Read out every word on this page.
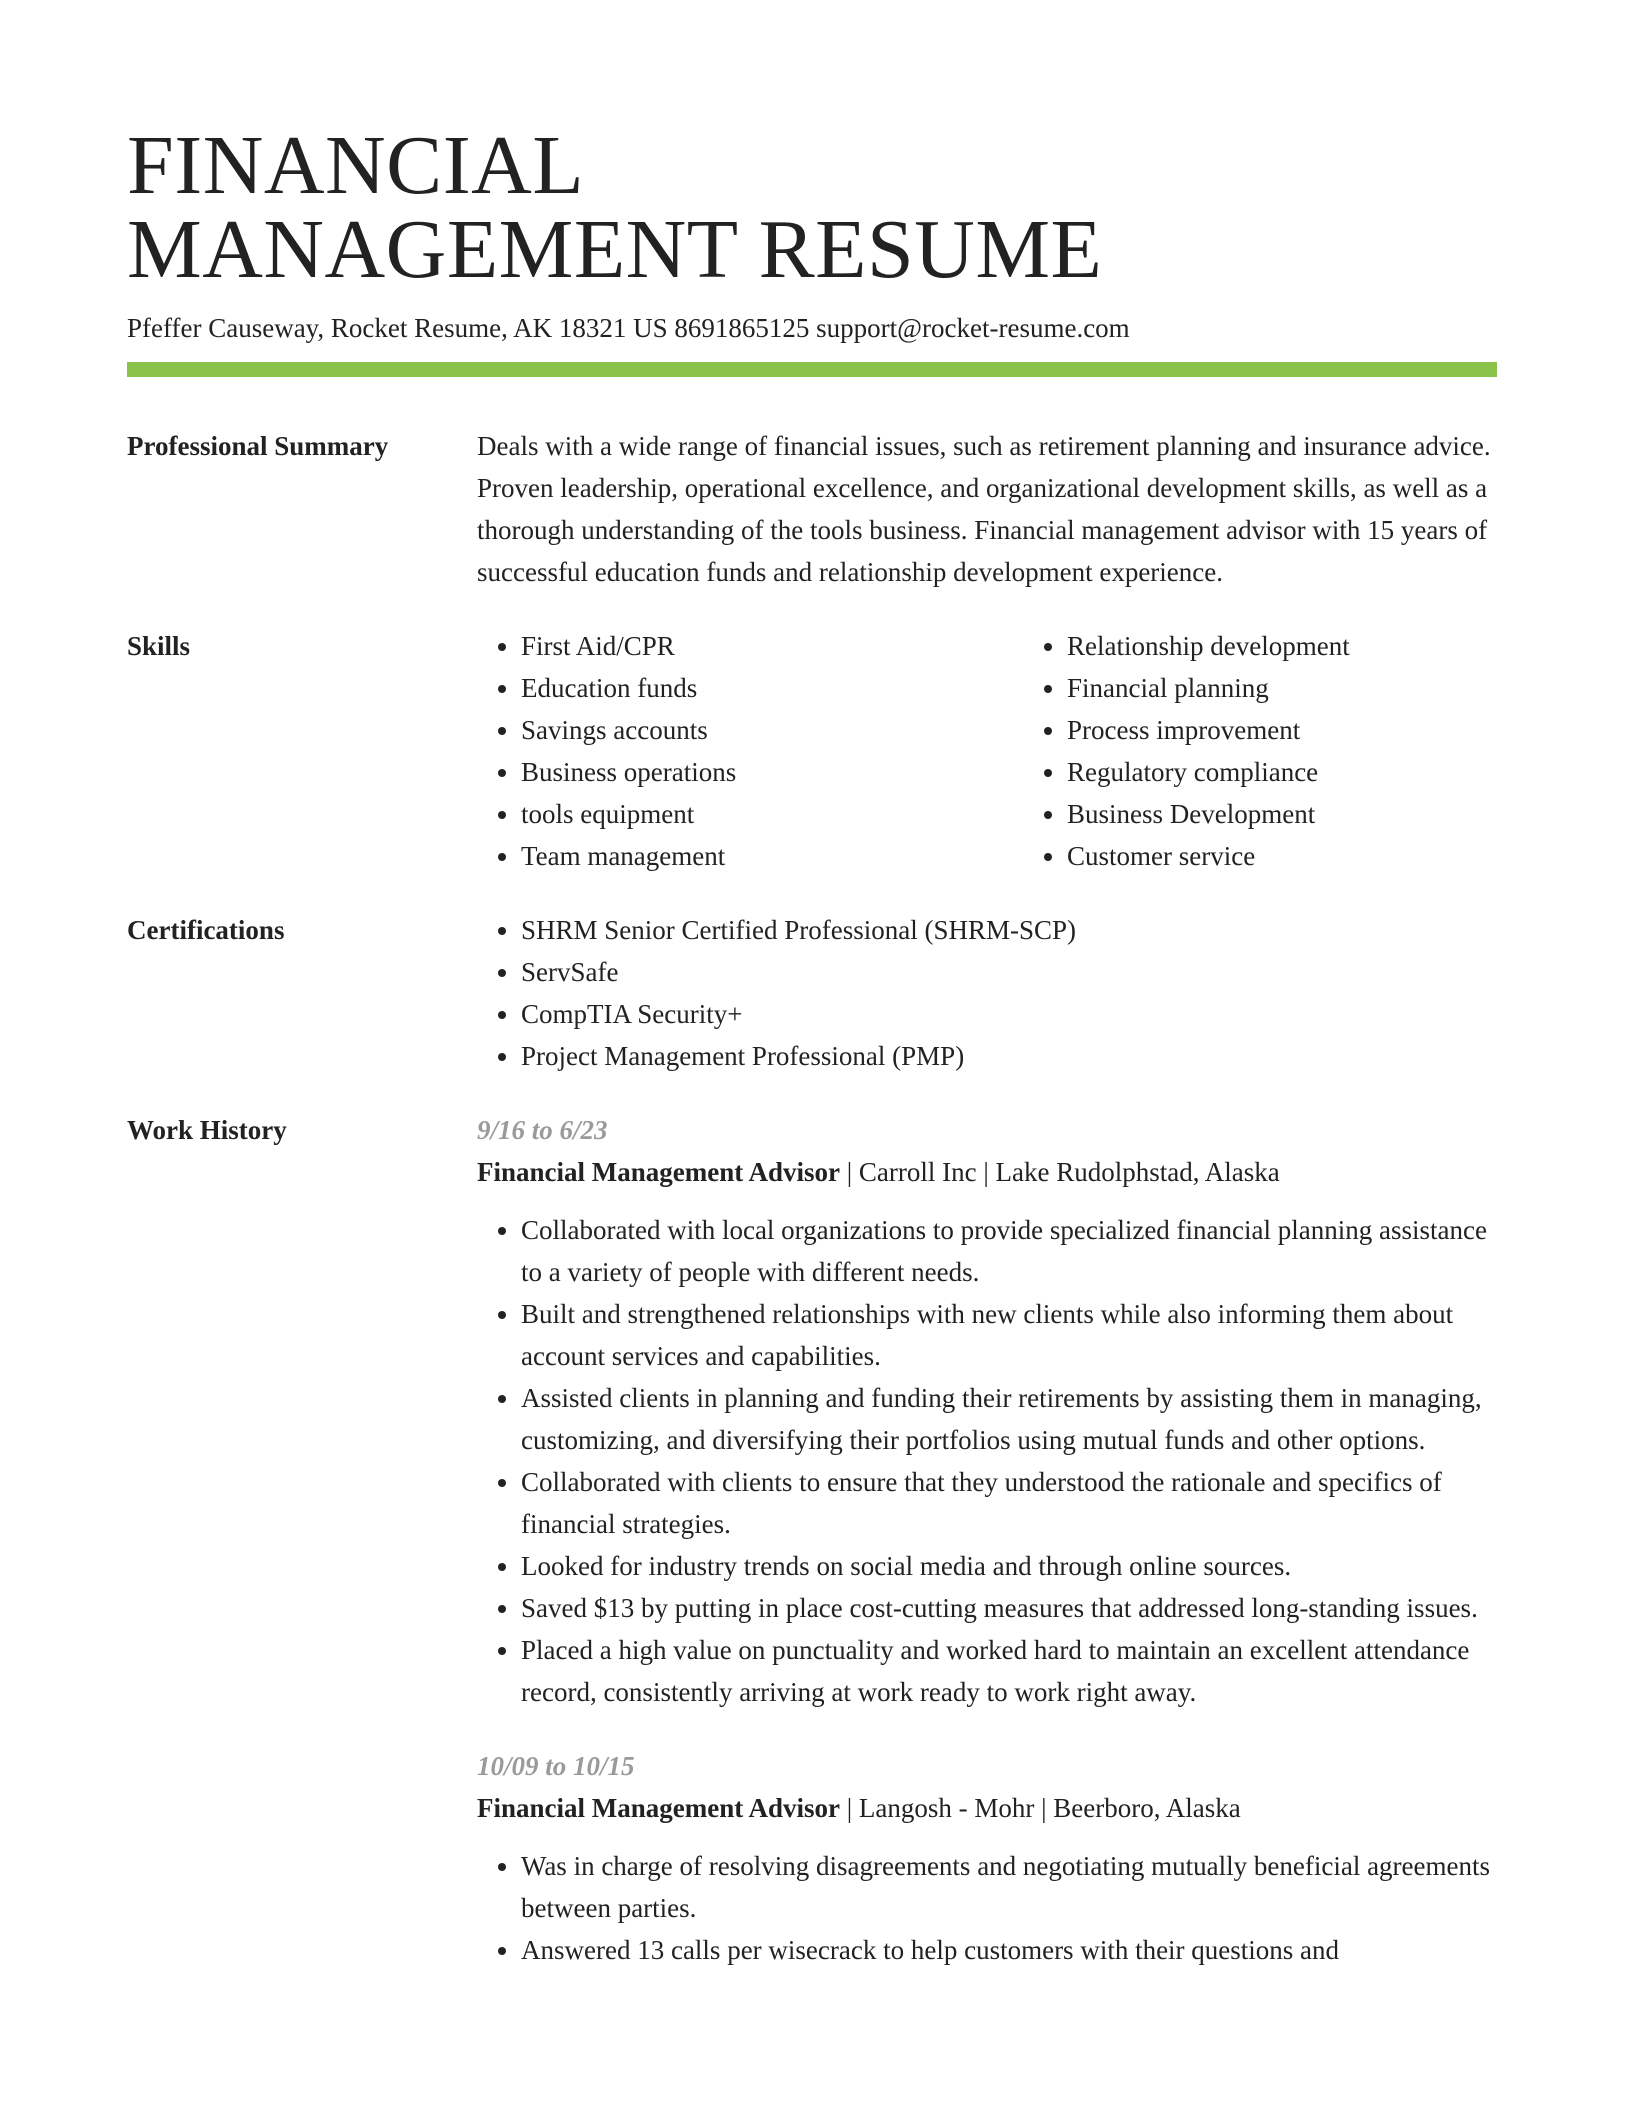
FINANCIAL
MANAGEMENT RESUME
Pfeffer Causeway, Rocket Resume, AK 18321 US 8691865125 support@rocket-resume.com
Professional Summary	Deals with a wide range of financial issues, such as retirement planning and insurance advice. Proven leadership, operational excellence, and organizational development skills, as well as a thorough understanding of the tools business. Financial management advisor with 15 years of successful education funds and relationship development experience.
Skills	• First Aid/CPR
• Education funds
• Savings accounts
• Business operations
• tools equipment
• Team management
• Relationship development
• Financial planning
• Process improvement
• Regulatory compliance
• Business Development
• Customer service
Certifications	• SHRM Senior Certified Professional (SHRM-SCP)
• ServSafe
• CompTIA Security+
• Project Management Professional (PMP)
Work History	9/16 to 6/23
Financial Management Advisor | Carroll Inc | Lake Rudolphstad, Alaska
• Collaborated with local organizations to provide specialized financial planning assistance to a variety of people with different needs.
• Built and strengthened relationships with new clients while also informing them about account services and capabilities.
• Assisted clients in planning and funding their retirements by assisting them in managing, customizing, and diversifying their portfolios using mutual funds and other options.
• Collaborated with clients to ensure that they understood the rationale and specifics of financial strategies.
• Looked for industry trends on social media and through online sources.
• Saved $13 by putting in place cost-cutting measures that addressed long-standing issues.
• Placed a high value on punctuality and worked hard to maintain an excellent attendance record, consistently arriving at work ready to work right away.
10/09 to 10/15
Financial Management Advisor | Langosh - Mohr | Beerboro, Alaska
• Was in charge of resolving disagreements and negotiating mutually beneficial agreements between parties.
• Answered 13 calls per wisecrack to help customers with their questions and
